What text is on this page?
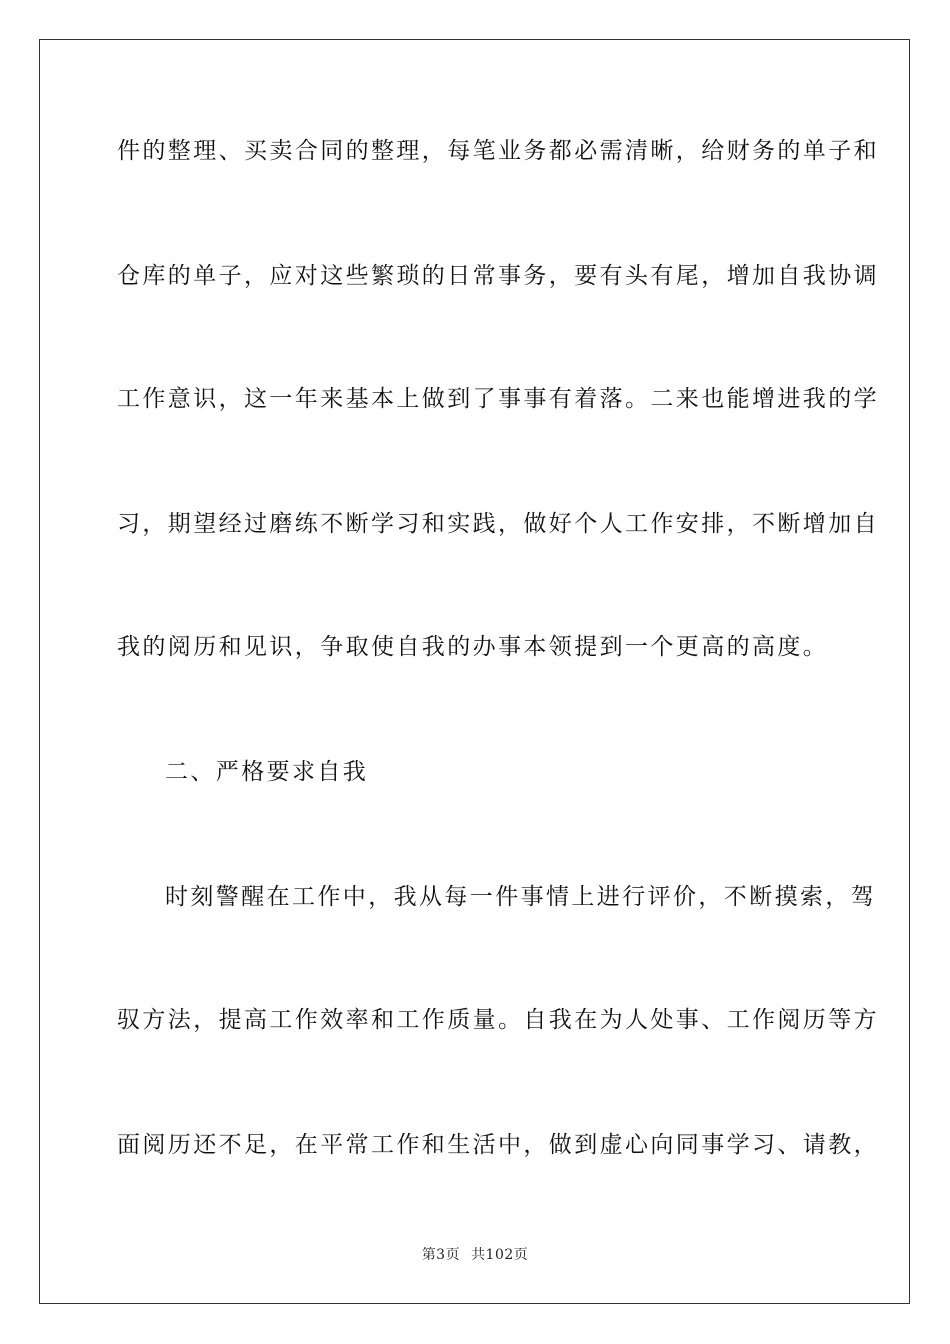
件的整理、买卖合同的整理，每笔业务都必需清晰，给财务的单子和
仓库的单子，应对这些繁琐的日常事务，要有头有尾，增加自我协调
工作意识，这一年来基本上做到了事事有着落。二来也能增进我的学
习，期望经过磨练不断学习和实践，做好个人工作安排，不断增加自
我的阅历和见识，争取使自我的办事本领提到一个更高的高度。
二、严格要求自我
时刻警醒在工作中，我从每一件事情上进行评价，不断摸索，驾
驭方法，提高工作效率和工作质量。自我在为人处事、工作阅历等方
面阅历还不足，在平常工作和生活中，做到虚心向同事学习、请教，
第3页 共102页
